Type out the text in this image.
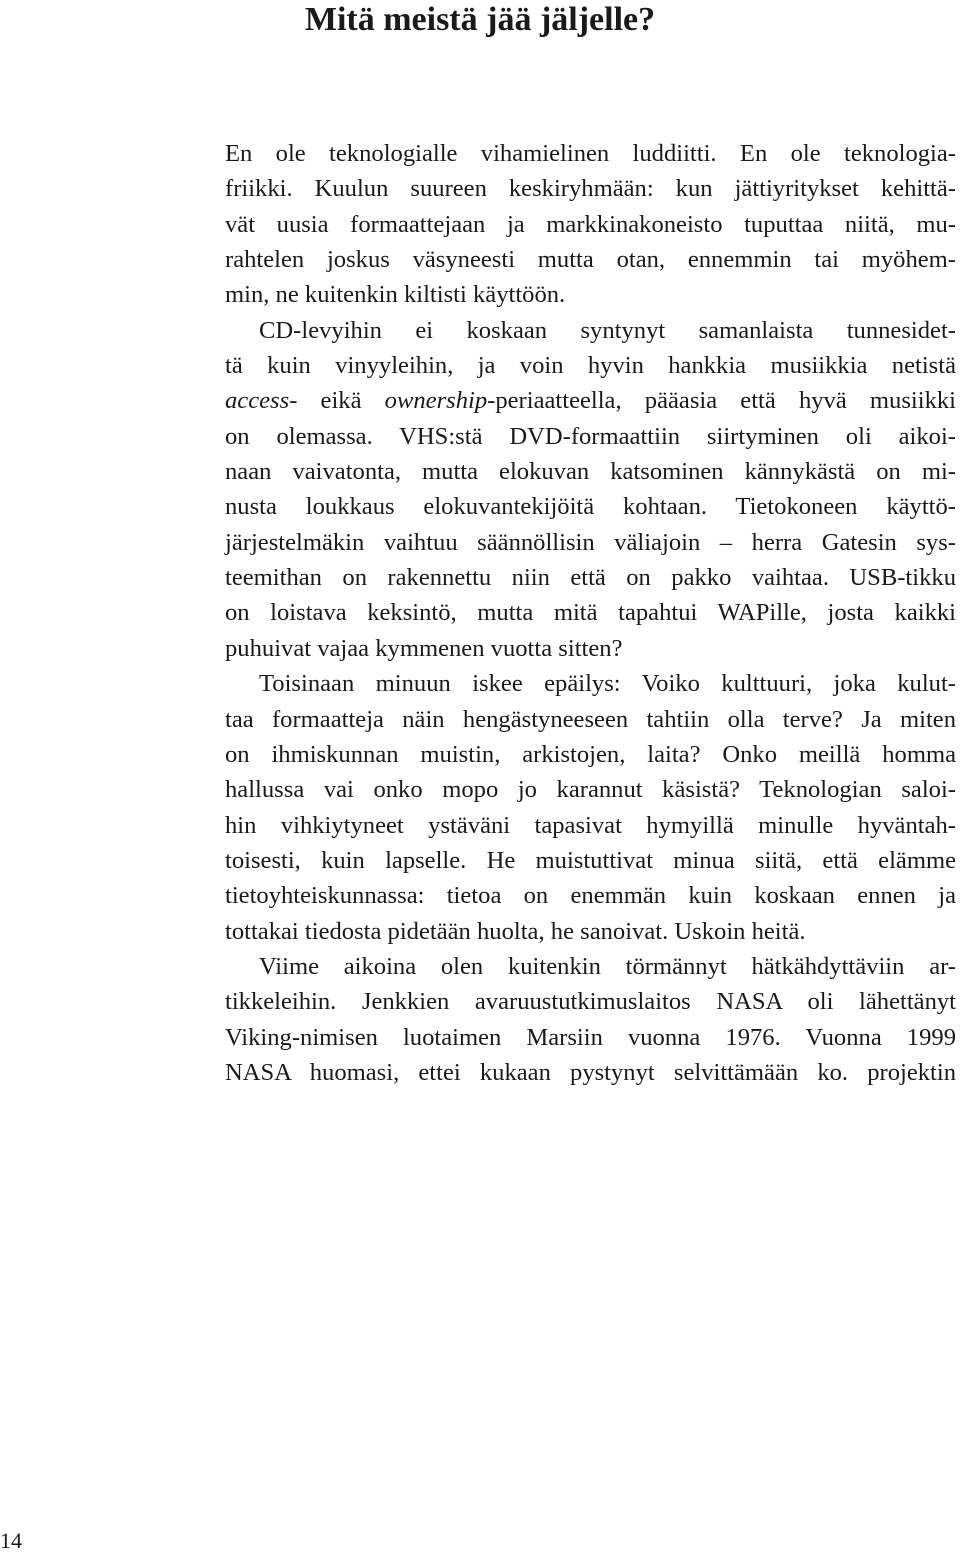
Mitä meistä jää jäljelle?
En ole teknologialle vihamielinen luddiitti. En ole teknologia-
friikki. Kuulun suureen keskiryhmään: kun jättiyritykset kehittä-
vät uusia formaattejaan ja markkinakoneisto tuputtaa niitä, mu-
rahtelen joskus väsyneesti mutta otan, ennemmin tai myöhem-
min, ne kuitenkin kiltisti käyttöön.
CD-levyihin ei koskaan syntynyt samanlaista tunnesidet-
tä kuin vinyyleihin, ja voin hyvin hankkia musiikkia netistä
access- eikä ownership-periaatteella, pääasia että hyvä musiikki
on olemassa. VHS:stä DVD-formaattiin siirtyminen oli aikoi-
naan vaivatonta, mutta elokuvan katsominen kännykästä on mi-
nusta loukkaus elokuvantekijöitä kohtaan. Tietokoneen käyttö-
järjestelmäkin vaihtuu säännöllisin väliajoin – herra Gatesin sys-
teemithan on rakennettu niin että on pakko vaihtaa. USB-tikku
on loistava keksintö, mutta mitä tapahtui WAPille, josta kaikki
puhuivat vajaa kymmenen vuotta sitten?
Toisinaan minuun iskee epäilys: Voiko kulttuuri, joka kulut-
taa formaatteja näin hengästyneeseen tahtiin olla terve? Ja miten
on ihmiskunnan muistin, arkistojen, laita? Onko meillä homma
hallussa vai onko mopo jo karannut käsistä? Teknologian saloi-
hin vihkiytyneet ystäväni tapasivat hymyillä minulle hyväntah-
toisesti, kuin lapselle. He muistuttivat minua siitä, että elämme
tietoyhteiskunnassa: tietoa on enemmän kuin koskaan ennen ja
tottakai tiedosta pidetään huolta, he sanoivat. Uskoin heitä.
Viime aikoina olen kuitenkin törmännyt hätkähdyttäviin ar-
tikkeleihin. Jenkkien avaruustutkimuslaitos NASA oli lähettänyt
Viking-nimisen luotaimen Marsiin vuonna 1976. Vuonna 1999
NASA huomasi, ettei kukaan pystynyt selvittämään ko. projektin
14
